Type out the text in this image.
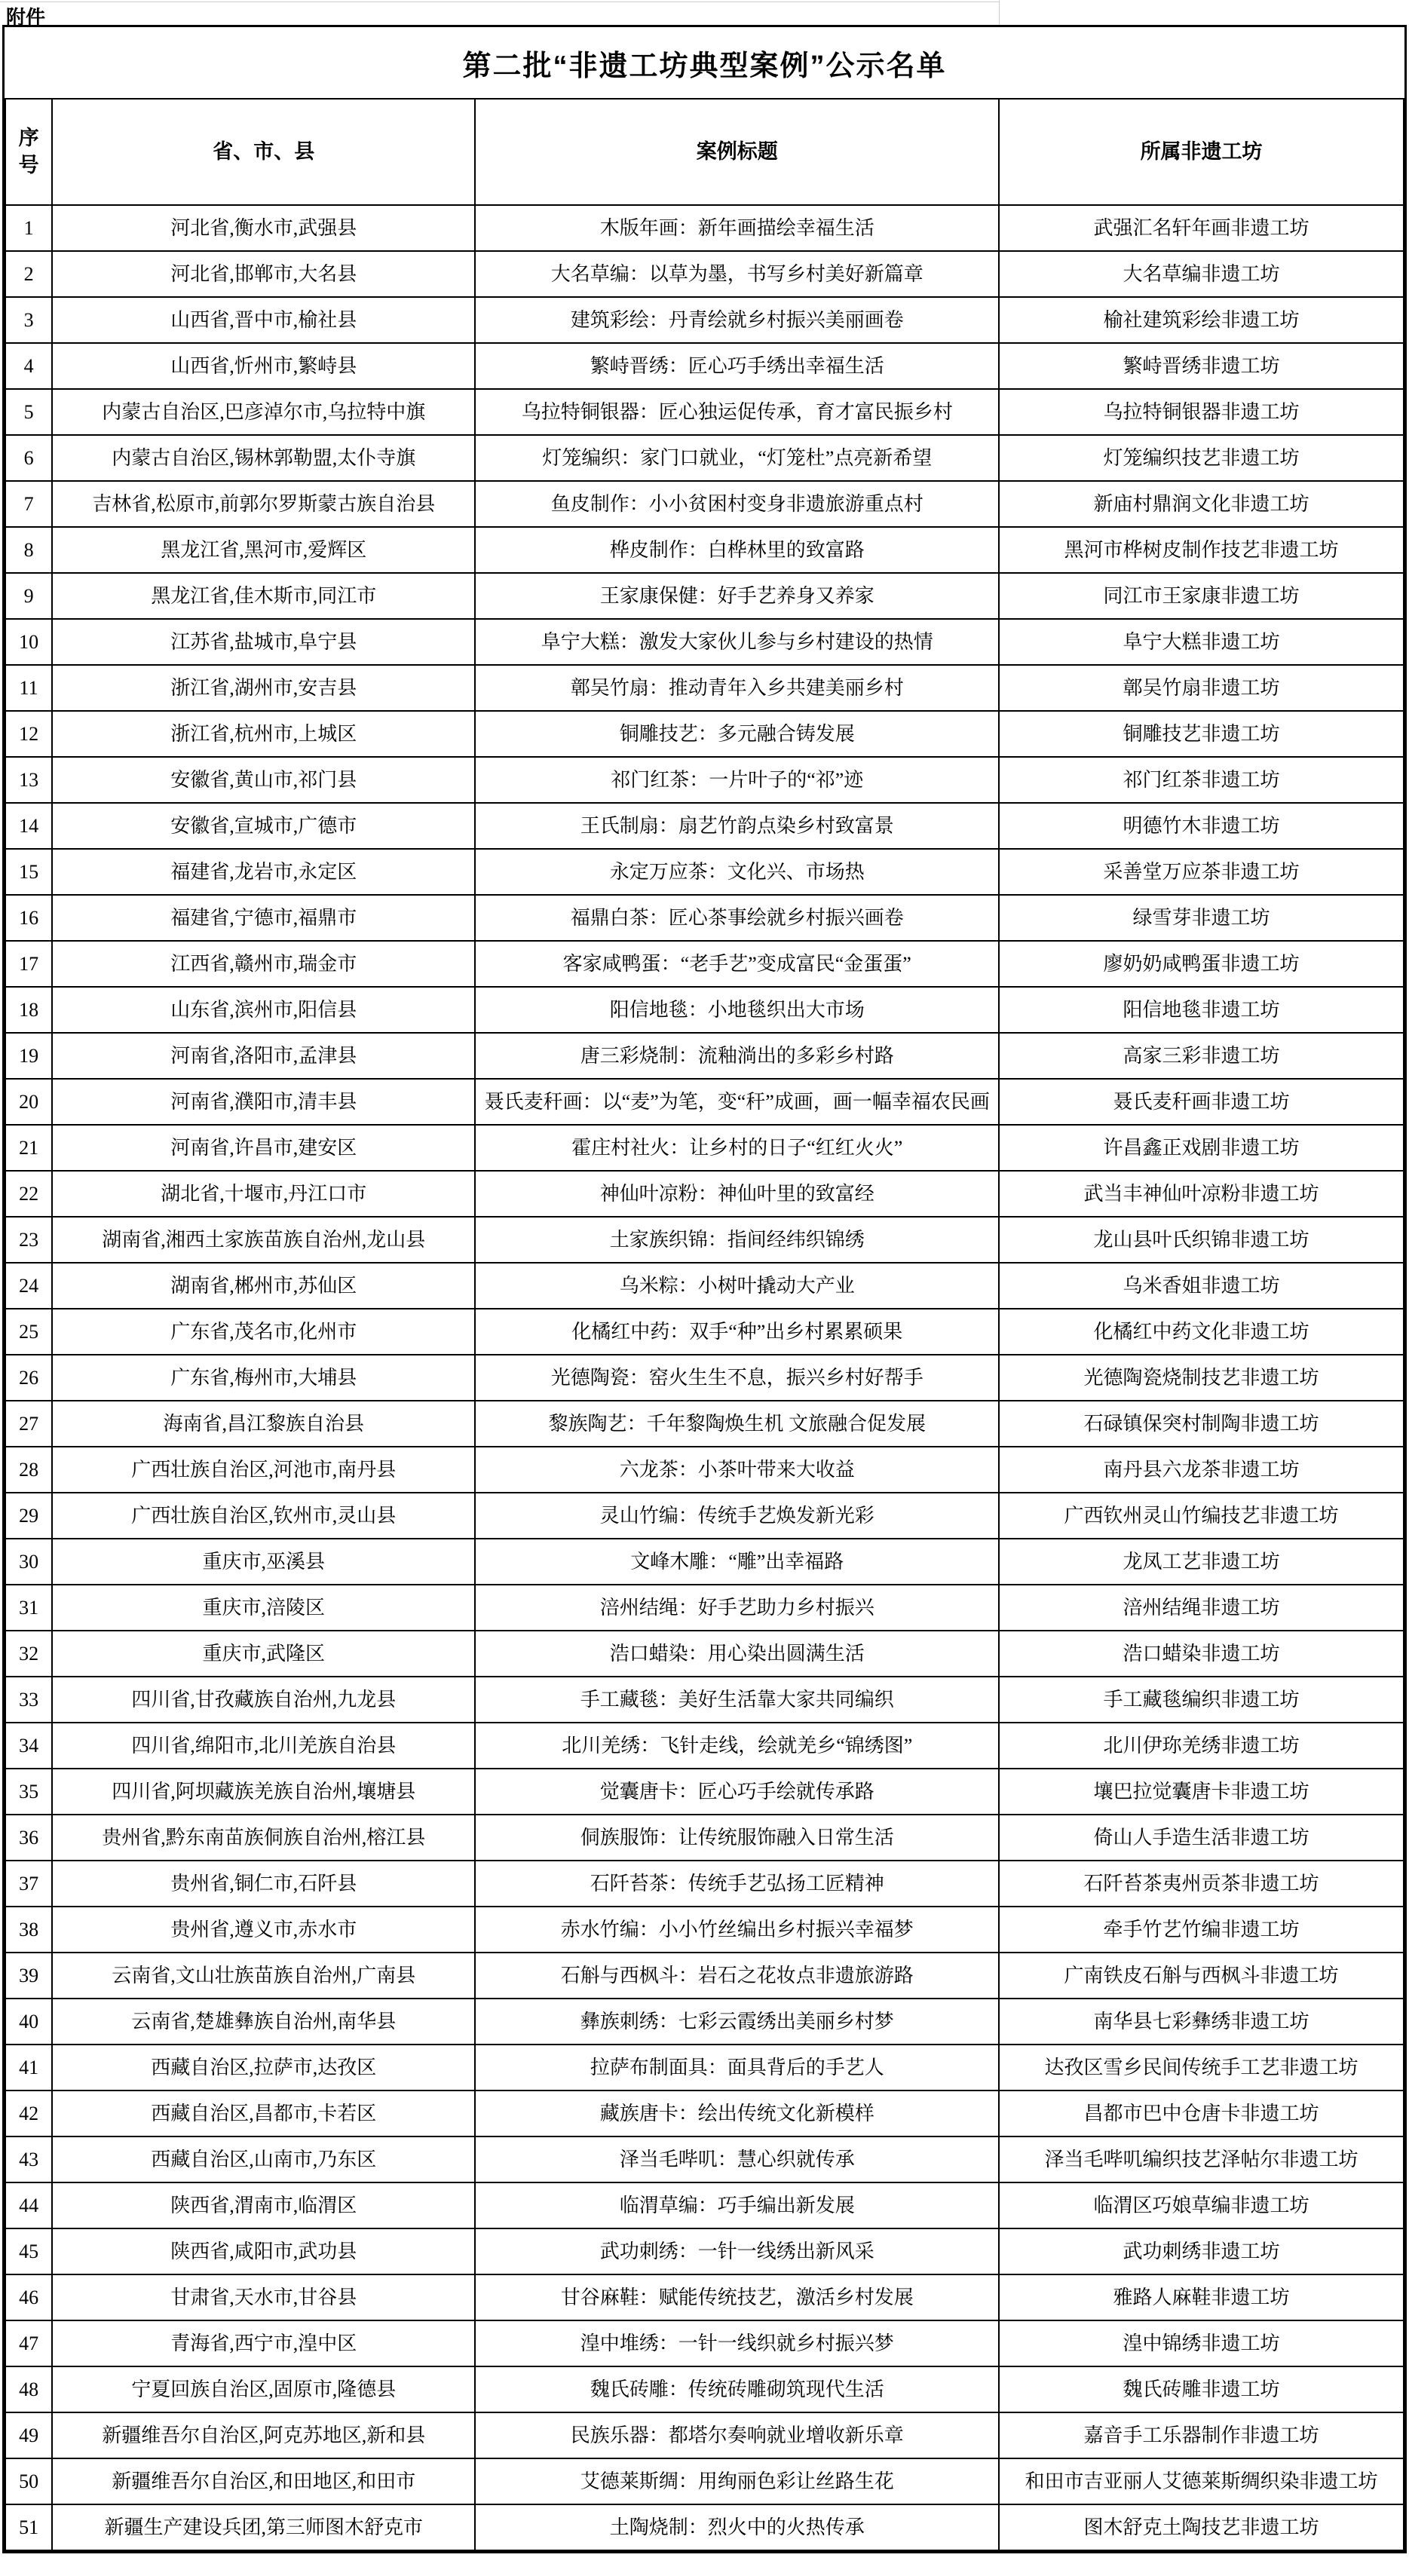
附件
第二批“非遗工坊典型案例”公示名单
序号	省、市、县	案例标题	所属非遗工坊
1	河北省,衡水市,武强县	木版年画：新年画描绘幸福生活	武强汇名轩年画非遗工坊
2	河北省,邯郸市,大名县	大名草编：以草为墨，书写乡村美好新篇章	大名草编非遗工坊
3	山西省,晋中市,榆社县	建筑彩绘：丹青绘就乡村振兴美丽画卷	榆社建筑彩绘非遗工坊
4	山西省,忻州市,繁峙县	繁峙晋绣：匠心巧手绣出幸福生活	繁峙晋绣非遗工坊
5	内蒙古自治区,巴彦淖尔市,乌拉特中旗	乌拉特铜银器：匠心独运促传承，育才富民振乡村	乌拉特铜银器非遗工坊
6	内蒙古自治区,锡林郭勒盟,太仆寺旗	灯笼编织：家门口就业，“灯笼杜”点亮新希望	灯笼编织技艺非遗工坊
7	吉林省,松原市,前郭尔罗斯蒙古族自治县	鱼皮制作：小小贫困村变身非遗旅游重点村	新庙村鼎润文化非遗工坊
8	黑龙江省,黑河市,爱辉区	桦皮制作：白桦林里的致富路	黑河市桦树皮制作技艺非遗工坊
9	黑龙江省,佳木斯市,同江市	王家康保健：好手艺养身又养家	同江市王家康非遗工坊
10	江苏省,盐城市,阜宁县	阜宁大糕：激发大家伙儿参与乡村建设的热情	阜宁大糕非遗工坊
11	浙江省,湖州市,安吉县	鄣吴竹扇：推动青年入乡共建美丽乡村	鄣吴竹扇非遗工坊
12	浙江省,杭州市,上城区	铜雕技艺：多元融合铸发展	铜雕技艺非遗工坊
13	安徽省,黄山市,祁门县	祁门红茶：一片叶子的“祁”迹	祁门红茶非遗工坊
14	安徽省,宣城市,广德市	王氏制扇：扇艺竹韵点染乡村致富景	明德竹木非遗工坊
15	福建省,龙岩市,永定区	永定万应茶：文化兴、市场热	采善堂万应茶非遗工坊
16	福建省,宁德市,福鼎市	福鼎白茶：匠心茶事绘就乡村振兴画卷	绿雪芽非遗工坊
17	江西省,赣州市,瑞金市	客家咸鸭蛋：“老手艺”变成富民“金蛋蛋”	廖奶奶咸鸭蛋非遗工坊
18	山东省,滨州市,阳信县	阳信地毯：小地毯织出大市场	阳信地毯非遗工坊
19	河南省,洛阳市,孟津县	唐三彩烧制：流釉淌出的多彩乡村路	高家三彩非遗工坊
20	河南省,濮阳市,清丰县	聂氏麦秆画：以“麦”为笔，变“秆”成画，画一幅幸福农民画	聂氏麦秆画非遗工坊
21	河南省,许昌市,建安区	霍庄村社火：让乡村的日子“红红火火”	许昌鑫正戏剧非遗工坊
22	湖北省,十堰市,丹江口市	神仙叶凉粉：神仙叶里的致富经	武当丰神仙叶凉粉非遗工坊
23	湖南省,湘西土家族苗族自治州,龙山县	土家族织锦：指间经纬织锦绣	龙山县叶氏织锦非遗工坊
24	湖南省,郴州市,苏仙区	乌米粽：小树叶撬动大产业	乌米香姐非遗工坊
25	广东省,茂名市,化州市	化橘红中药：双手“种”出乡村累累硕果	化橘红中药文化非遗工坊
26	广东省,梅州市,大埔县	光德陶瓷：窑火生生不息，振兴乡村好帮手	光德陶瓷烧制技艺非遗工坊
27	海南省,昌江黎族自治县	黎族陶艺：千年黎陶焕生机 文旅融合促发展	石碌镇保突村制陶非遗工坊
28	广西壮族自治区,河池市,南丹县	六龙茶：小茶叶带来大收益	南丹县六龙茶非遗工坊
29	广西壮族自治区,钦州市,灵山县	灵山竹编：传统手艺焕发新光彩	广西钦州灵山竹编技艺非遗工坊
30	重庆市,巫溪县	文峰木雕：“雕”出幸福路	龙凤工艺非遗工坊
31	重庆市,涪陵区	涪州结绳：好手艺助力乡村振兴	涪州结绳非遗工坊
32	重庆市,武隆区	浩口蜡染：用心染出圆满生活	浩口蜡染非遗工坊
33	四川省,甘孜藏族自治州,九龙县	手工藏毯：美好生活靠大家共同编织	手工藏毯编织非遗工坊
34	四川省,绵阳市,北川羌族自治县	北川羌绣：飞针走线，绘就羌乡“锦绣图”	北川伊珎羌绣非遗工坊
35	四川省,阿坝藏族羌族自治州,壤塘县	觉囊唐卡：匠心巧手绘就传承路	壤巴拉觉囊唐卡非遗工坊
36	贵州省,黔东南苗族侗族自治州,榕江县	侗族服饰：让传统服饰融入日常生活	倚山人手造生活非遗工坊
37	贵州省,铜仁市,石阡县	石阡苔茶：传统手艺弘扬工匠精神	石阡苔茶夷州贡茶非遗工坊
38	贵州省,遵义市,赤水市	赤水竹编：小小竹丝编出乡村振兴幸福梦	牵手竹艺竹编非遗工坊
39	云南省,文山壮族苗族自治州,广南县	石斛与西枫斗：岩石之花妆点非遗旅游路	广南铁皮石斛与西枫斗非遗工坊
40	云南省,楚雄彝族自治州,南华县	彝族刺绣：七彩云霞绣出美丽乡村梦	南华县七彩彝绣非遗工坊
41	西藏自治区,拉萨市,达孜区	拉萨布制面具：面具背后的手艺人	达孜区雪乡民间传统手工艺非遗工坊
42	西藏自治区,昌都市,卡若区	藏族唐卡：绘出传统文化新模样	昌都市巴中仓唐卡非遗工坊
43	西藏自治区,山南市,乃东区	泽当毛哔叽：慧心织就传承	泽当毛哔叽编织技艺泽帖尔非遗工坊
44	陕西省,渭南市,临渭区	临渭草编：巧手编出新发展	临渭区巧娘草编非遗工坊
45	陕西省,咸阳市,武功县	武功刺绣：一针一线绣出新风采	武功刺绣非遗工坊
46	甘肃省,天水市,甘谷县	甘谷麻鞋：赋能传统技艺，激活乡村发展	雅路人麻鞋非遗工坊
47	青海省,西宁市,湟中区	湟中堆绣：一针一线织就乡村振兴梦	湟中锦绣非遗工坊
48	宁夏回族自治区,固原市,隆德县	魏氏砖雕：传统砖雕砌筑现代生活	魏氏砖雕非遗工坊
49	新疆维吾尔自治区,阿克苏地区,新和县	民族乐器：都塔尔奏响就业增收新乐章	嘉音手工乐器制作非遗工坊
50	新疆维吾尔自治区,和田地区,和田市	艾德莱斯绸：用绚丽色彩让丝路生花	和田市吉亚丽人艾德莱斯绸织染非遗工坊
51	新疆生产建设兵团,第三师图木舒克市	土陶烧制：烈火中的火热传承	图木舒克土陶技艺非遗工坊
